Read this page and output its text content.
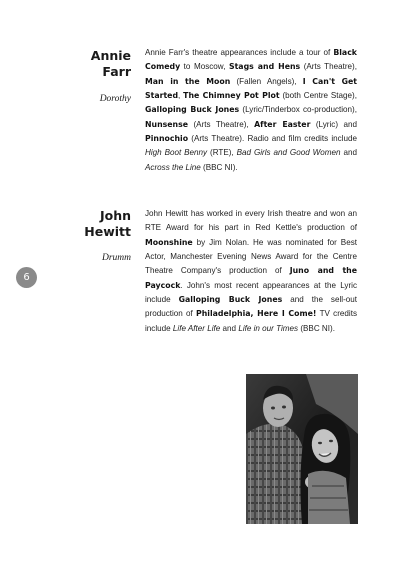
Annie
Farr
Dorothy
Annie Farr's theatre appearances include a tour of Black Comedy to Moscow, Stags and Hens (Arts Theatre), Man in the Moon (Fallen Angels), I Can't Get Started, The Chimney Pot Plot (both Centre Stage), Galloping Buck Jones (Lyric/Tinderbox co-production), Nunsense (Arts Theatre), After Easter (Lyric) and Pinnochio (Arts Theatre). Radio and film credits include High Boot Benny (RTE), Bad Girls and Good Women and Across the Line (BBC NI).
John
Hewitt
Drumm
John Hewitt has worked in every Irish theatre and won an RTE Award for his part in Red Kettle's production of Moonshine by Jim Nolan. He was nominated for Best Actor, Manchester Evening News Award for the Centre Theatre Company's production of Juno and the Paycock. John's most recent appearances at the Lyric include Galloping Buck Jones and the sell-out production of Philadelphia, Here I Come! TV credits include Life After Life and Life in our Times (BBC NI).
6
